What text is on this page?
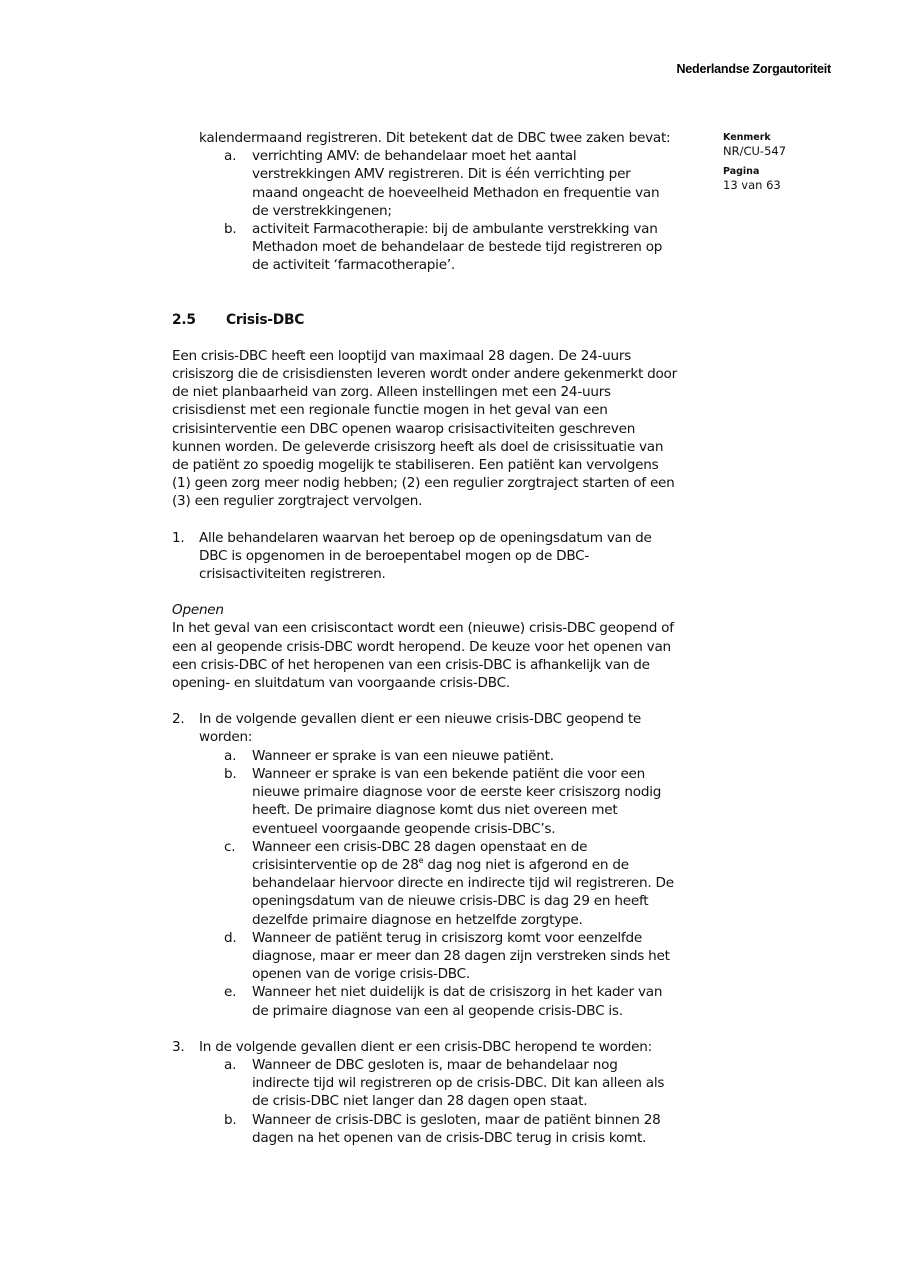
Nederlandse Zorgautoriteit
Kenmerk
NR/CU-547
Pagina
13 van 63

kalendermaand registreren. Dit betekent dat de DBC twee zaken bevat:

a. verrichting AMV: de behandelaar moet het aantal verstrekkingen AMV registreren. Dit is één verrichting per maand ongeacht de hoeveelheid Methadon en frequentie van de verstrekkingenen;
b. activiteit Farmacotherapie: bij de ambulante verstrekking van Methadon moet de behandelaar de bestede tijd registreren op de activiteit ‘farmacotherapie’.
2.5	Crisis-DBC

Een crisis-DBC heeft een looptijd van maximaal 28 dagen. De 24-uurs crisiszorg die de crisisdiensten leveren wordt onder andere gekenmerkt door de niet planbaarheid van zorg. Alleen instellingen met een 24-uurs crisisdienst met een regionale functie mogen in het geval van een crisisinterventie een DBC openen waarop crisisactiviteiten geschreven kunnen worden. De geleverde crisiszorg heeft als doel de crisissituatie van de patiënt zo spoedig mogelijk te stabiliseren. Een patiënt kan vervolgens (1) geen zorg meer nodig hebben; (2) een regulier zorgtraject starten of een (3) een regulier zorgtraject vervolgen.

1. Alle behandelaren waarvan het beroep op de openingsdatum van de DBC is opgenomen in de beroepentabel mogen op de DBC-crisisactiviteiten registreren.

Openen

In het geval van een crisiscontact wordt een (nieuwe) crisis-DBC geopend of een al geopende crisis-DBC wordt heropend. De keuze voor het openen van een crisis-DBC of het heropenen van een crisis-DBC is afhankelijk van de opening- en sluitdatum van voorgaande crisis-DBC.

2. In de volgende gevallen dient er een nieuwe crisis-DBC geopend te worden:
a. Wanneer er sprake is van een nieuwe patiënt.
b. Wanneer er sprake is van een bekende patiënt die voor een nieuwe primaire diagnose voor de eerste keer crisiszorg nodig heeft. De primaire diagnose komt dus niet overeen met eventueel voorgaande geopende crisis-DBC’s.
c. Wanneer een crisis-DBC 28 dagen openstaat en de crisisinterventie op de 28e dag nog niet is afgerond en de behandelaar hiervoor directe en indirecte tijd wil registreren. De openingsdatum van de nieuwe crisis-DBC is dag 29 en heeft dezelfde primaire diagnose en hetzelfde zorgtype.
d. Wanneer de patiënt terug in crisiszorg komt voor eenzelfde diagnose, maar er meer dan 28 dagen zijn verstreken sinds het openen van de vorige crisis-DBC.
e. Wanneer het niet duidelijk is dat de crisiszorg in het kader van de primaire diagnose van een al geopende crisis-DBC is.
3. In de volgende gevallen dient er een crisis-DBC heropend te worden:
a. Wanneer de DBC gesloten is, maar de behandelaar nog indirecte tijd wil registreren op de crisis-DBC. Dit kan alleen als de crisis-DBC niet langer dan 28 dagen open staat.
b. Wanneer de crisis-DBC is gesloten, maar de patiënt binnen 28 dagen na het openen van de crisis-DBC terug in crisis komt.
